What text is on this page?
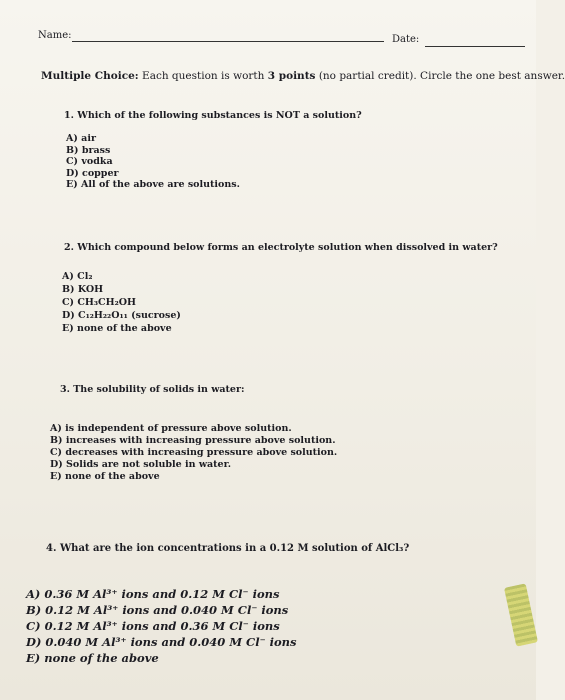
Name:	Date:
Multiple Choice: Each question is worth 3 points (no partial credit). Circle the one best answer.
1. Which of the following substances is NOT a solution?
A) air
B) brass
C) vodka
D) copper
E) All of the above are solutions.
2. Which compound below forms an electrolyte solution when dissolved in water?
A) Cl₂
B) KOH
C) CH₃CH₂OH
D) C₁₂H₂₂O₁₁ (sucrose)
E) none of the above
3. The solubility of solids in water:
A) is independent of pressure above solution.
B) increases with increasing pressure above solution.
C) decreases with increasing pressure above solution.
D) Solids are not soluble in water.
E) none of the above
4. What are the ion concentrations in a 0.12 M solution of AlCl₃?
A) 0.36 M Al³⁺ ions and 0.12 M Cl⁻ ions
B) 0.12 M Al³⁺ ions and 0.040 M Cl⁻ ions
C) 0.12 M Al³⁺ ions and 0.36 M Cl⁻ ions
D) 0.040 M Al³⁺ ions and 0.040 M Cl⁻ ions
E) none of the above
